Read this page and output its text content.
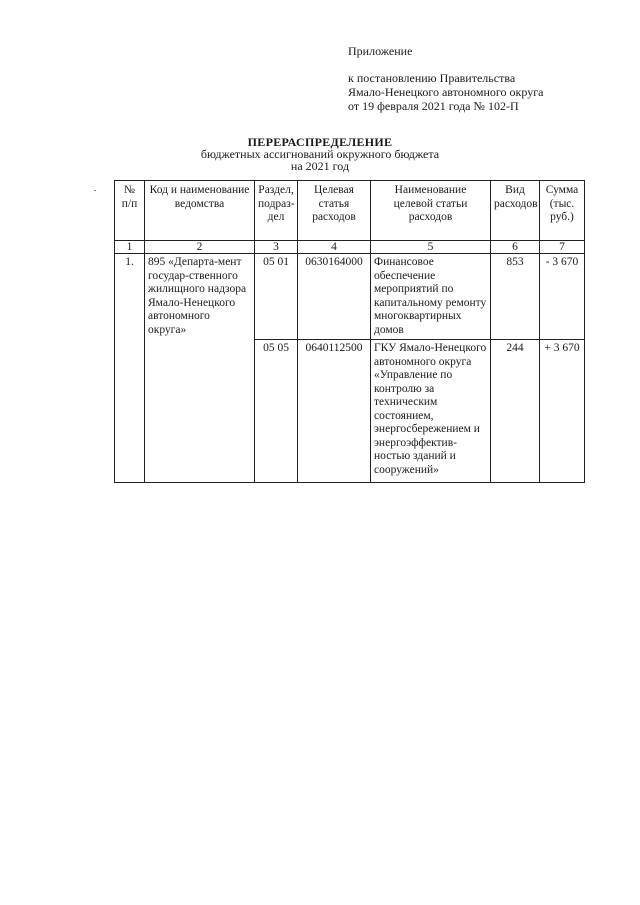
Приложение
к постановлению Правительства
Ямало-Ненецкого автономного округа
от 19 февраля 2021 года № 102-П
ПЕРЕРАСПРЕДЕЛЕНИЕ
бюджетных ассигнований окружного бюджета
на 2021 год
№ п/п	Код и наименование ведомства	Раздел, подраз-дел	Целевая статья расходов	Наименование целевой статьи расходов	Вид расходов	Сумма (тыс. руб.)
1	2	3	4	5	6	7
1.	895 «Департа-мент государ-ственного жилищного надзора Ямало-Ненецкого автономного округа»	05 01	0630164000	Финансовое обеспечение мероприятий по капитальному ремонту многоквартирных домов	853	- 3 670
		05 05	0640112500	ГКУ Ямало-Ненецкого автономного округа «Управление по контролю за техническим состоянием, энергосбережением и энергоэффектив-ностью зданий и сооружений»	244	+ 3 670
